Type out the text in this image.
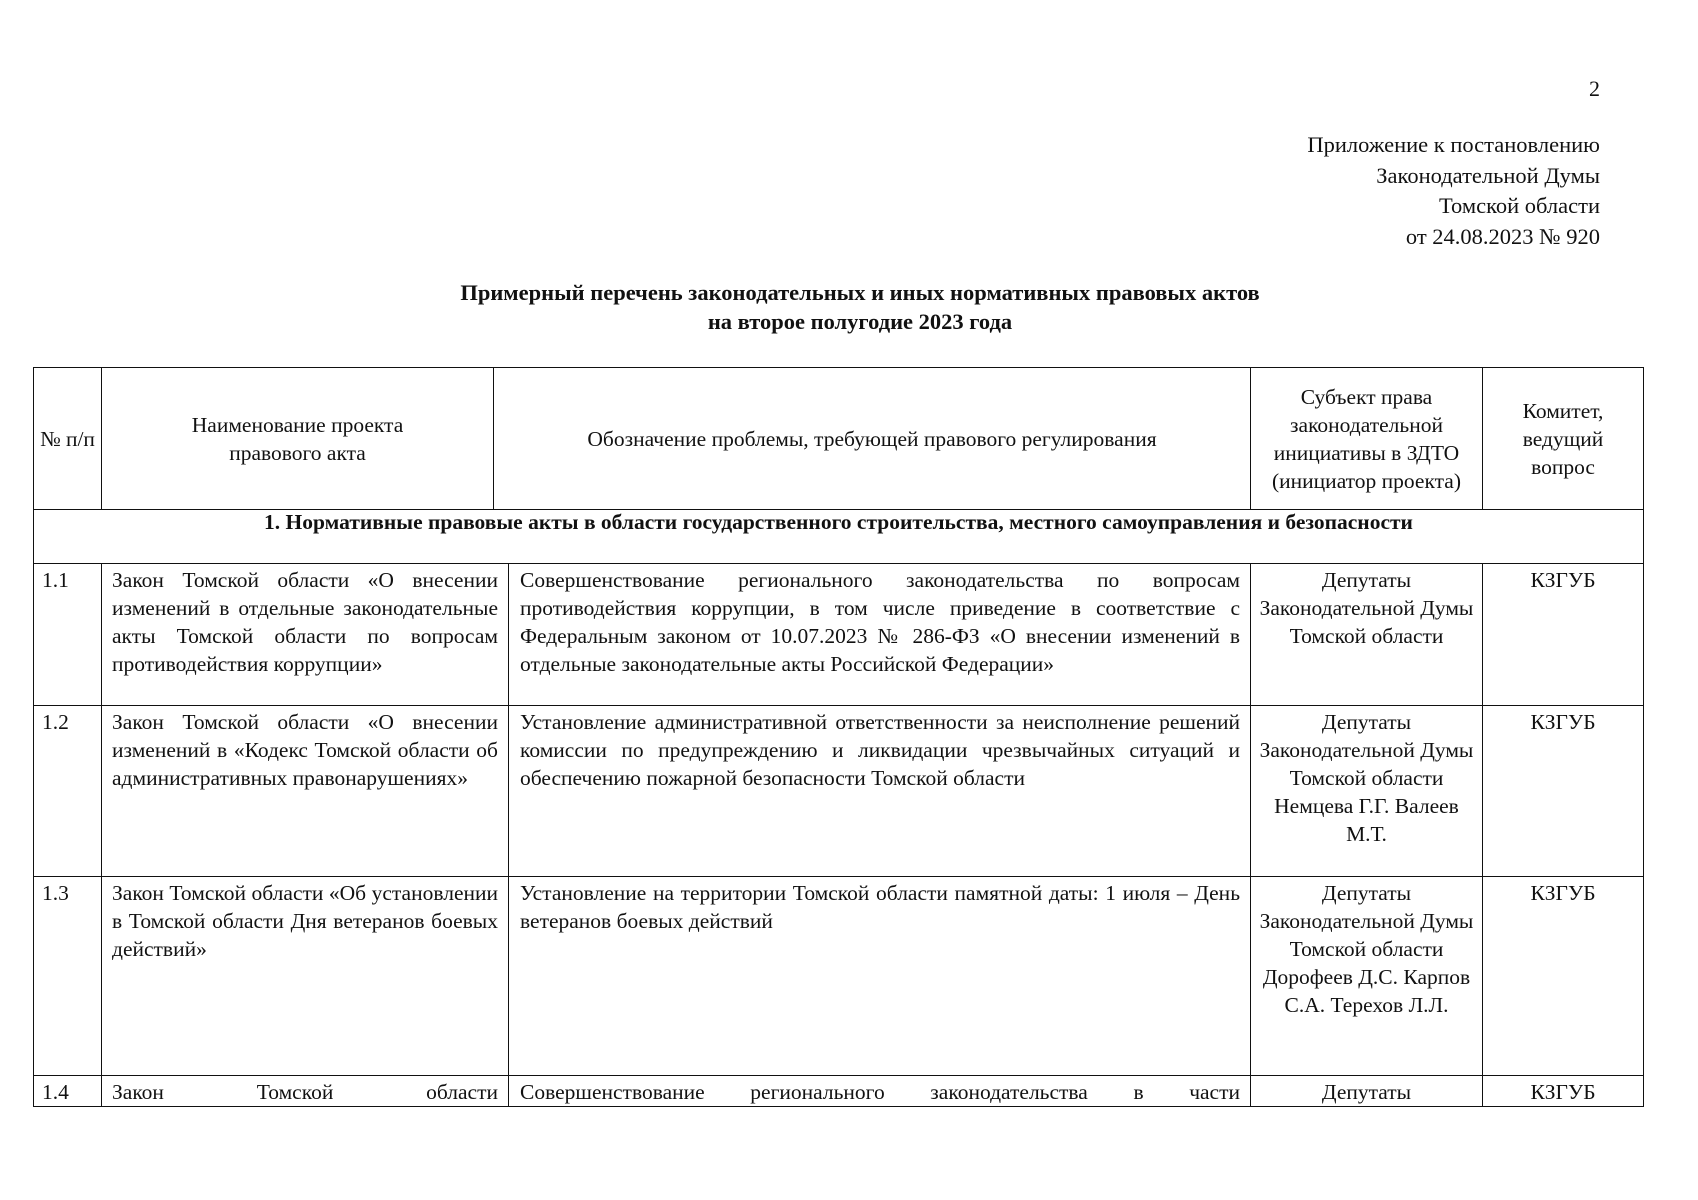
2
Приложение к постановлению
Законодательной Думы
Томской области
от 24.08.2023 № 920
Примерный перечень законодательных и иных нормативных правовых актов
на второе полугодие 2023 года
№ п/п	Наименование проекта правового акта	Обозначение проблемы, требующей правового регулирования		Субъект права законодательной инициативы в ЗДТО (инициатор проекта)	Комитет, ведущий вопрос
1. Нормативные правовые акты в области государственного строительства, местного самоуправления и безопасности					

1.1	Закон Томской области «О внесении изменений в отдельные законодательные акты Томской области по вопросам противодействия коррупции»		Совершенствование регионального законодательства по вопросам противодействия коррупции, в том числе приведение в соответствие с Федеральным законом от 10.07.2023 № 286-ФЗ «О внесении изменений в отдельные законодательные акты Российской Федерации»	Депутаты Законодательной Думы Томской области	КЗГУБ

1.2	Закон Томской области «О внесении изменений в «Кодекс Томской области об административных правонарушениях»		Установление административной ответственности за неисполнение решений комиссии по предупреждению и ликвидации чрезвычайных ситуаций и обеспечению пожарной безопасности Томской области	Депутаты Законодательной Думы Томской области Немцева Г.Г. Валеев М.Т.	КЗГУБ

1.3	Закон Томской области «Об установлении в Томской области Дня ветеранов боевых действий»		Установление на территории Томской области памятной даты: 1 июля – День ветеранов боевых действий	Депутаты Законодательной Думы Томской области Дорофеев Д.С. Карпов С.А. Терехов Л.Л.	КЗГУБ

1.4	Закон Томской области		Совершенствование регионального законодательства в части	Депутаты	КЗГУБ
